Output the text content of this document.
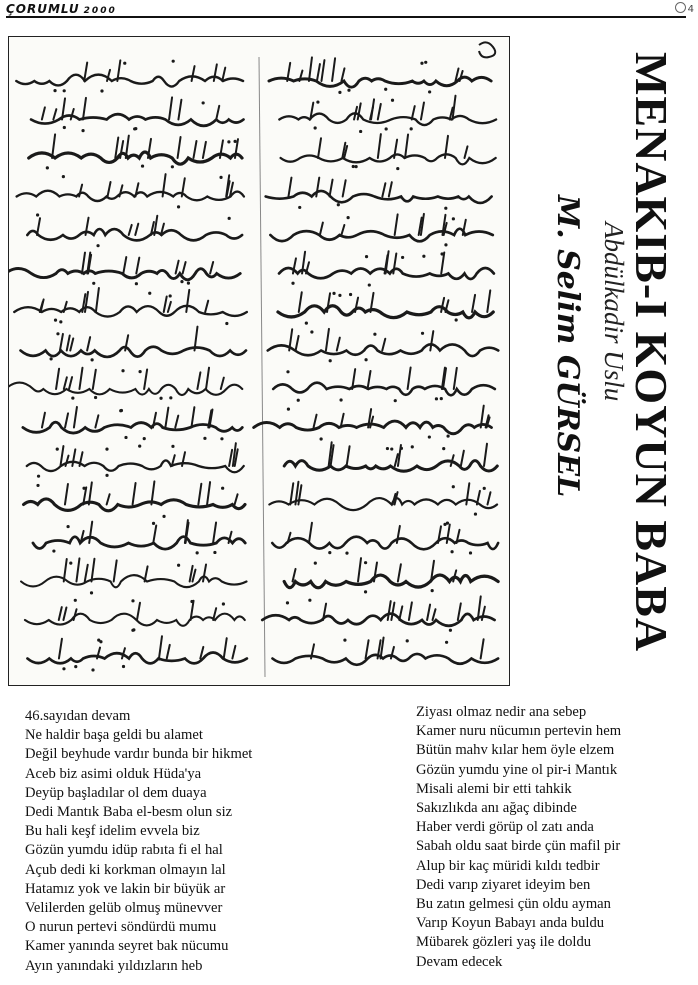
ÇORUMLU 2000	4
MENAKIB-I KOYUN BABA
Abdülkadir Uslu
M. Selim GÜRSEL
46.sayıdan devam
Ne haldir başa geldi bu alamet
Değil beyhude vardır bunda bir hikmet
Aceb biz asimi olduk Hüda'ya
Deyüp başladılar ol dem duaya
Dedi Mantık Baba el-besm olun siz
Bu hali keşf idelim evvela biz
Gözün yumdu idüp rabıta fi el hal
Açub dedi ki korkman olmayın lal
Hatamız yok ve lakin bir büyük ar
Velilerden gelüb olmuş münevver
O nurun pertevi söndürdü mumu
Kamer yanında seyret bak nücumu
Ayın yanındaki yıldızların heb
Ziyası olmaz nedir ana sebep
Kamer nuru nücumın pertevin hem
Bütün mahv kılar hem öyle elzem
Gözün yumdu yine ol pir-i Mantık
Misali alemi bir etti tahkik
Sakızlıkda anı ağaç dibinde
Haber verdi görüp ol zatı anda
Sabah oldu saat birde çün mafil pir
Alup bir kaç müridi kıldı tedbir
Dedi varıp ziyaret ideyim ben
Bu zatın gelmesi çün oldu ayman
Varıp Koyun Babayı anda buldu
Mübarek gözleri yaş ile doldu
Devam edecek
